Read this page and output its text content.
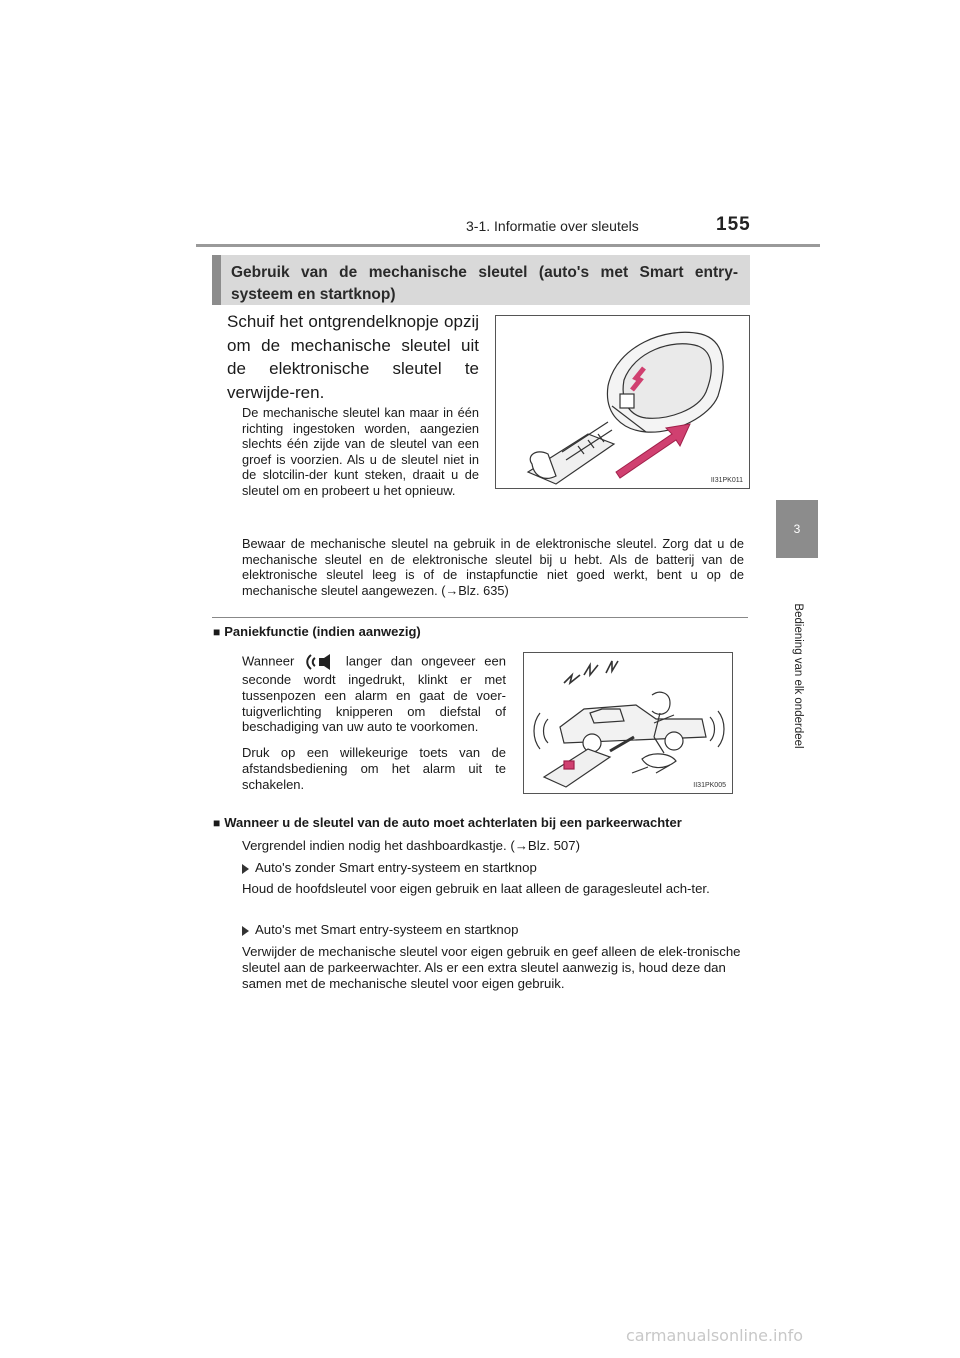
3-1. Informatie over sleutels	155
3
Bediening van elk onderdeel
Gebruik van de mechanische sleutel (auto's met Smart entry-systeem en startknop)
Schuif het ontgrendelknopje opzij om de mechanische sleutel uit de elektronische sleutel te verwijde-ren.
De mechanische sleutel kan maar in één richting ingestoken worden, aangezien slechts één zijde van de sleutel van een groef is voorzien. Als u de sleutel niet in de slotcilin-der kunt steken, draait u de sleutel om en probeert u het opnieuw.
II31PK011
Bewaar de mechanische sleutel na gebruik in de elektronische sleutel. Zorg dat u de mechanische sleutel en de elektronische sleutel bij u hebt. Als de batterij van de elektronische sleutel leeg is of de instapfunctie niet goed werkt, bent u op de mechanische sleutel aangewezen. (→Blz. 635)
■ Paniekfunctie (indien aanwezig)

Wanneer	langer dan ongeveer een seconde wordt ingedrukt, klinkt er met tussenpozen een alarm en gaat de voer-tuigverlichting knipperen om diefstal of beschadiging van uw auto te voorkomen.

Druk op een willekeurige toets van de afstandsbediening om het alarm uit te schakelen.	II31PK005
■ Wanneer u de sleutel van de auto moet achterlaten bij een parkeerwachter
Vergrendel indien nodig het dashboardkastje. (→Blz. 507)
Auto's zonder Smart entry-systeem en startknop
Houd de hoofdsleutel voor eigen gebruik en laat alleen de garagesleutel ach-ter.
Auto's met Smart entry-systeem en startknop
Verwijder de mechanische sleutel voor eigen gebruik en geef alleen de elek-tronische sleutel aan de parkeerwachter. Als er een extra sleutel aanwezig is, houd deze dan samen met de mechanische sleutel voor eigen gebruik.
carmanualsonline.info
